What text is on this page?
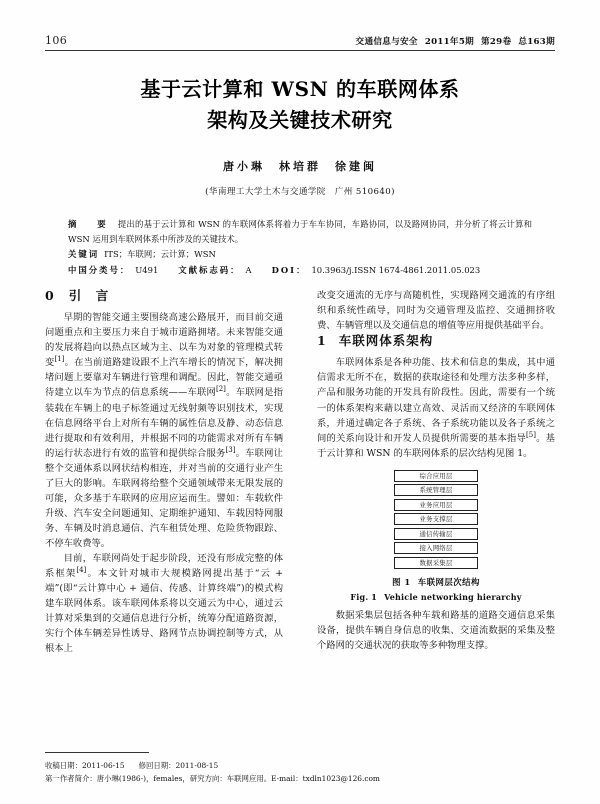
106	交通信息与安全 2011年5期 第29卷 总163期
基于云计算和 WSN 的车联网体系
架构及关键技术研究
唐小琳　林培群　徐建闽
(华南理工大学土木与交通学院　广州 510640)
摘　要 提出的基于云计算和 WSN 的车联网体系将着力于车车协同，车路协同，以及路网协同，并分析了将云计算和 WSN 运用到车联网体系中所涉及的关键技术。
关键词 ITS；车联网；云计算；WSN
中国分类号： U491 文献标志码： A DOI： 10.3963/j.ISSN 1674-4861.2011.05.023
0 引　言

早期的智能交通主要围绕高速公路展开，而目前交通问题重点和主要压力来自于城市道路拥堵。未来智能交通的发展将趋向以热点区域为主、以车为对象的管理模式转变[1]。在当前道路建设跟不上汽车增长的情况下，解决拥堵问题上要靠对车辆进行管理和调配。因此，智能交通亟待建立以车为节点的信息系统——车联网[2]。车联网是指装载在车辆上的电子标签通过无线射频等识别技术，实现在信息网络平台上对所有车辆的属性信息及静、动态信息进行提取和有效利用，并根据不同的功能需求对所有车辆的运行状态进行有效的监管和提供综合服务[3]。车联网让整个交通体系以网状结构相连，并对当前的交通行业产生了巨大的影响。车联网将给整个交通领域带来无限发展的可能，众多基于车联网的应用应运而生。譬如：车载软件升级、汽车安全问题通知、定期维护通知、车载因特网服务、车辆及时消息通信、汽车租赁处理、危险货物跟踪、不停车收费等。

目前，车联网尚处于起步阶段，还没有形成完整的体系框架[4]。本文针对城市大规模路网提出基于“云 + 端”(即“云计算中心 + 通信、传感、计算终端”)的模式构建车联网体系。该车联网体系将以交通云为中心，通过云计算对采集到的交通信息进行分析，统筹分配道路资源，实行个体车辆差异性诱导、路网节点协调控制等方式，从根本上

改变交通流的无序与高随机性，实现路网交通流的有序组织和系统性疏导，同时为交通管理及监控、交通拥挤收费、车辆管理以及交通信息的增值等应用提供基础平台。

1 车联网体系架构

车联网体系是各种功能、技术和信息的集成，其中通信需求无所不在，数据的获取途径和处理方法多种多样，产品和服务功能的开发具有阶段性。因此，需要有一个统一的体系架构来藉以建立高效、灵活而又经济的车联网体系，并通过确定各子系统、各子系统功能以及各子系统之间的关系向设计和开发人员提供所需要的基本指导[5]。基于云计算和 WSN 的车联网体系的层次结构见图 1。

综合应用层
系统管理层
业务应用层
业务支撑层
通信传输层
接入网络层
数据采集层
图 1 车联网层次结构
Fig. 1 Vehicle networking hierarchy

数据采集层包括各种车载和路基的道路交通信息采集设备，提供车辆自身信息的收集、交道流数据的采集及整个路网的交通状况的获取等多种物理支撑。

收稿日期：2011-06-15 修回日期：2011-08-15
第一作者简介：唐小琳(1986-)，females，研究方向：车联网应用。E-mail：txdln1023@126.com
